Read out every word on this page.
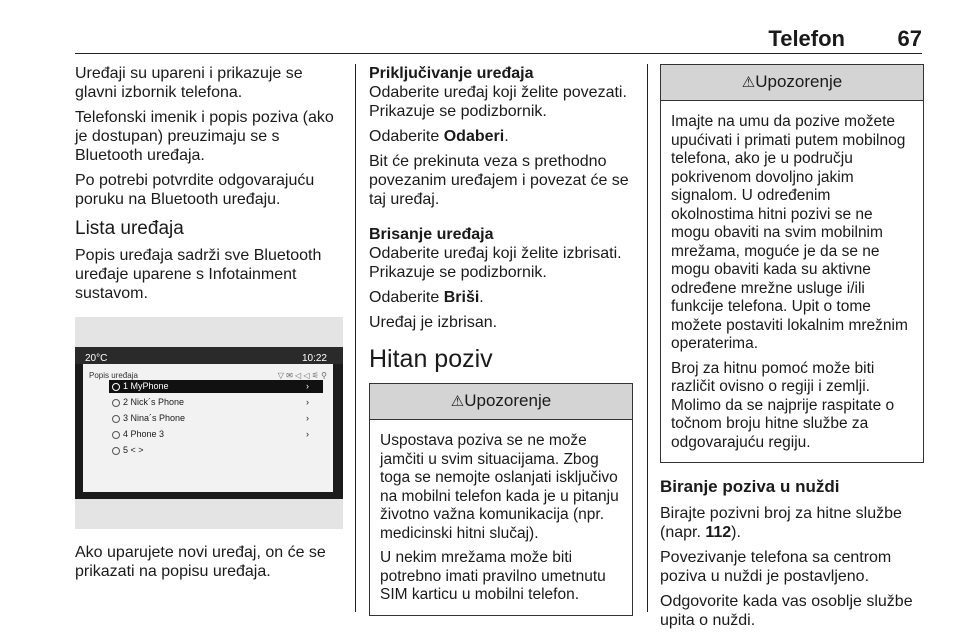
Telefon 67

Uređaji su upareni i prikazuje se glavni izbornik telefona.

Telefonski imenik i popis poziva (ako je dostupan) preuzimaju se s Bluetooth uređaja.

Po potrebi potvrdite odgovarajuću poruku na Bluetooth uređaju.

Lista uređaja

Popis uređaja sadrži sve Bluetooth uređaje uparene s Infotainment sustavom.

20°C	10:22
Popis uređaja	▽ ✉ ◁ ◁ ⚟ ⚲
1 MyPhone	›
2 Nick´s Phone	›
3 Nina´s Phone	›
4 Phone 3	›
5 < >

Ako uparujete novi uređaj, on će se prikazati na popisu uređaja.

Priključivanje uređaja

Odaberite uređaj koji želite povezati. Prikazuje se podizbornik.

Odaberite Odaberi.

Bit će prekinuta veza s prethodno povezanim uređajem i povezat će se taj uređaj.

Brisanje uređaja

Odaberite uređaj koji želite izbrisati. Prikazuje se podizbornik.

Odaberite Briši.

Uređaj je izbrisan.

Hitan poziv
⚠Upozorenje

Uspostava poziva se ne može jamčiti u svim situacijama. Zbog toga se nemojte oslanjati isključivo na mobilni telefon kada je u pitanju životno važna komunikacija (npr. medicinski hitni slučaj).

U nekim mrežama može biti potrebno imati pravilno umetnutu SIM karticu u mobilni telefon.

⚠Upozorenje

Imajte na umu da pozive možete upućivati i primati putem mobilnog telefona, ako je u području pokrivenom dovoljno jakim signalom. U određenim okolnostima hitni pozivi se ne mogu obaviti na svim mobilnim mrežama, moguće je da se ne mogu obaviti kada su aktivne određene mrežne usluge i/ili funkcije telefona. Upit o tome možete postaviti lokalnim mrežnim operaterima.

Broj za hitnu pomoć može biti različit ovisno o regiji i zemlji. Molimo da se najprije raspitate o točnom broju hitne službe za odgovarajuću regiju.

Biranje poziva u nuždi

Birajte pozivni broj za hitne službe (napr. 112).

Povezivanje telefona sa centrom poziva u nuždi je postavljeno.

Odgovorite kada vas osoblje službe upita o nuždi.
